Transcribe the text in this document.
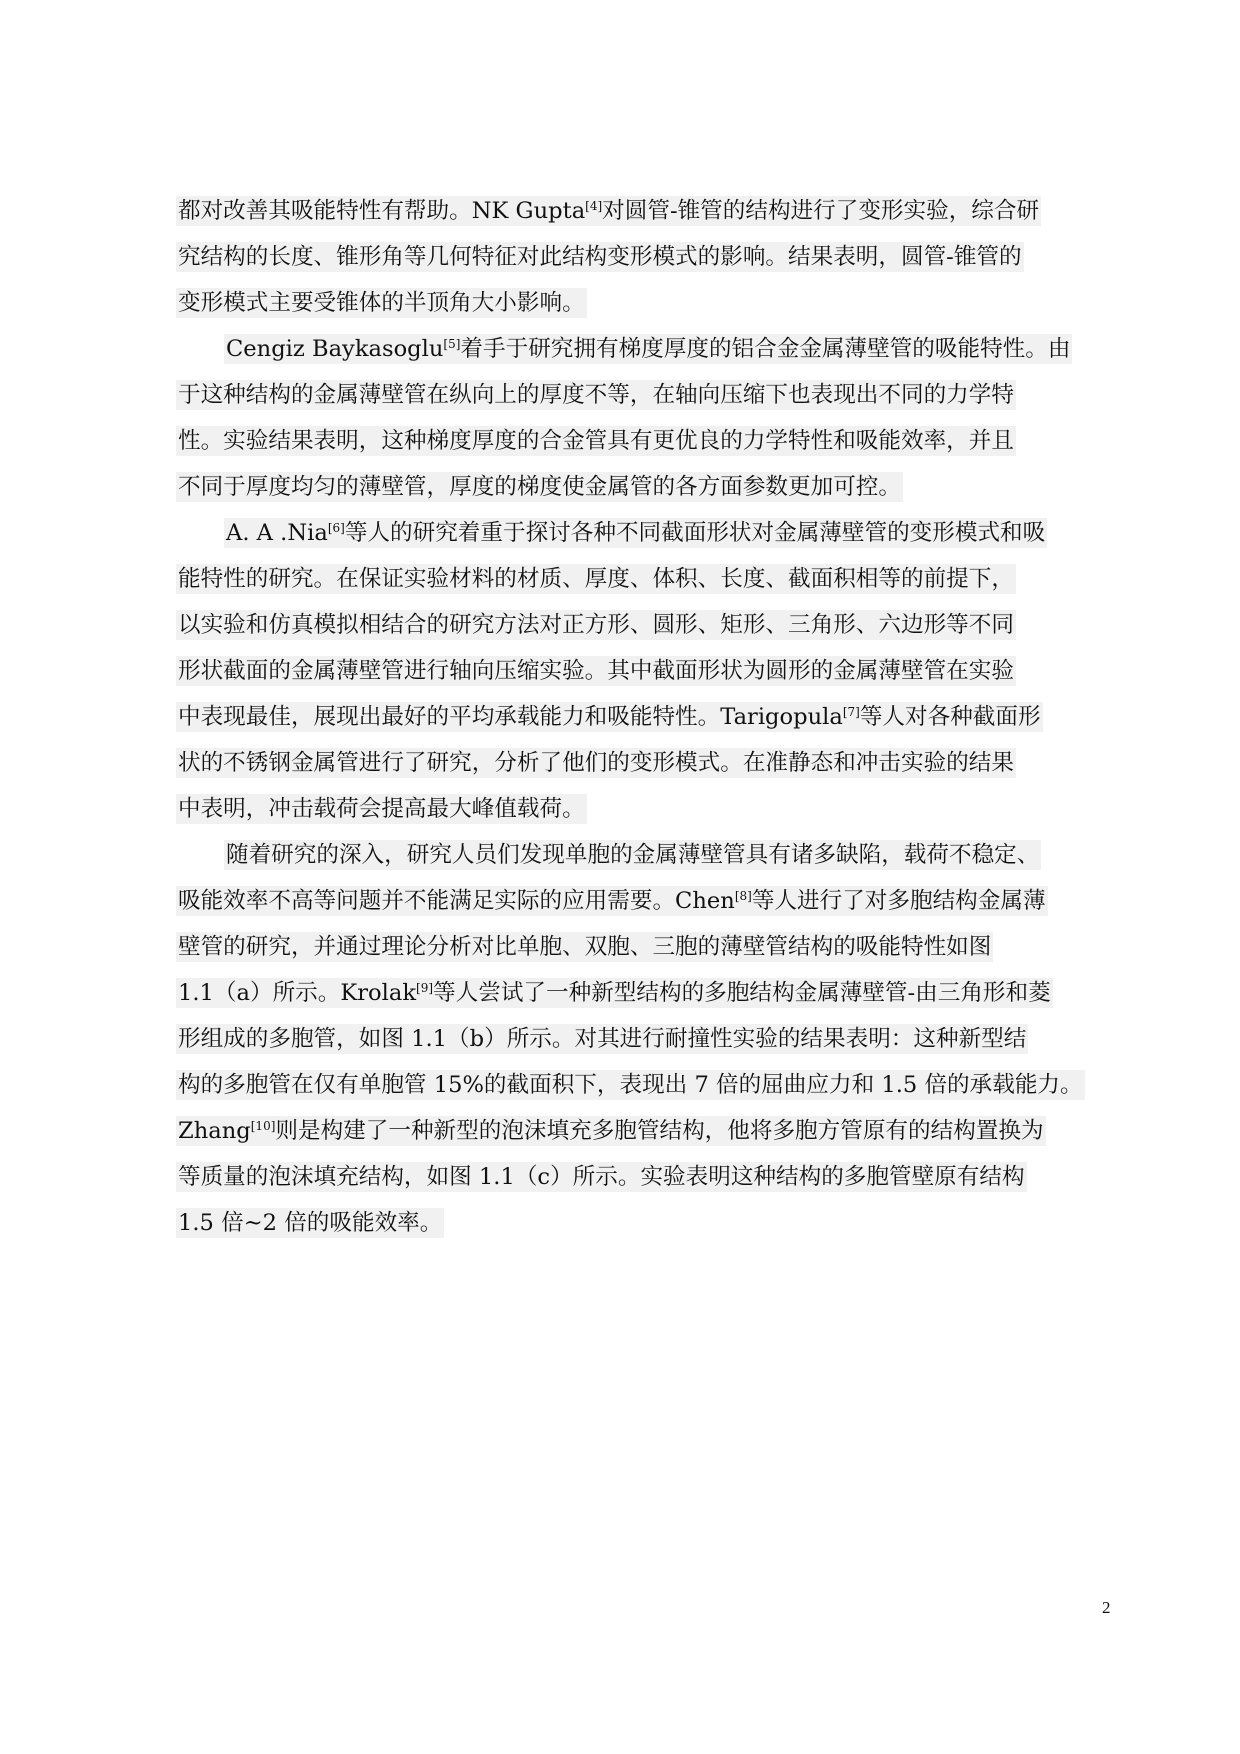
都对改善其吸能特性有帮助。NK Gupta[4]对圆管-锥管的结构进行了变形实验，综合研
究结构的长度、锥形角等几何特征对此结构变形模式的影响。结果表明，圆管-锥管的
变形模式主要受锥体的半顶角大小影响。
Cengiz Baykasoglu[5]着手于研究拥有梯度厚度的铝合金金属薄壁管的吸能特性。由
于这种结构的金属薄壁管在纵向上的厚度不等，在轴向压缩下也表现出不同的力学特
性。实验结果表明，这种梯度厚度的合金管具有更优良的力学特性和吸能效率，并且
不同于厚度均匀的薄壁管，厚度的梯度使金属管的各方面参数更加可控。
A. A .Nia[6]等人的研究着重于探讨各种不同截面形状对金属薄壁管的变形模式和吸
能特性的研究。在保证实验材料的材质、厚度、体积、长度、截面积相等的前提下，
以实验和仿真模拟相结合的研究方法对正方形、圆形、矩形、三角形、六边形等不同
形状截面的金属薄壁管进行轴向压缩实验。其中截面形状为圆形的金属薄壁管在实验
中表现最佳，展现出最好的平均承载能力和吸能特性。Tarigopula[7]等人对各种截面形
状的不锈钢金属管进行了研究，分析了他们的变形模式。在准静态和冲击实验的结果
中表明，冲击载荷会提高最大峰值载荷。
随着研究的深入，研究人员们发现单胞的金属薄壁管具有诸多缺陷，载荷不稳定、
吸能效率不高等问题并不能满足实际的应用需要。Chen[8]等人进行了对多胞结构金属薄
壁管的研究，并通过理论分析对比单胞、双胞、三胞的薄壁管结构的吸能特性如图
1.1（a）所示。Krolak[9]等人尝试了一种新型结构的多胞结构金属薄壁管-由三角形和菱
形组成的多胞管，如图 1.1（b）所示。对其进行耐撞性实验的结果表明：这种新型结
构的多胞管在仅有单胞管 15%的截面积下，表现出 7 倍的屈曲应力和 1.5 倍的承载能力。
Zhang[10]则是构建了一种新型的泡沫填充多胞管结构，他将多胞方管原有的结构置换为
等质量的泡沫填充结构，如图 1.1（c）所示。实验表明这种结构的多胞管壁原有结构
1.5 倍~2 倍的吸能效率。
2
